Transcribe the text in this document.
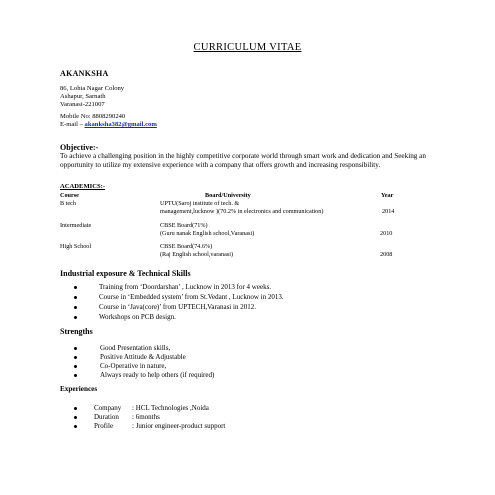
CURRICULUM VITAE
AKANKSHA
86, Lohia Nagar Colony
Ashapur, Sarnath
Varanasi-221007
Mobile No: 8808290240
E-mail – akanksha382@gmail.com
Objective:-
To achieve a challenging position in the highly competitive corporate world through smart work and dedication and Seeking an opportunity to utilize my extensive experience with a company that offers growth and increasing responsibility.
ACADEMICS:-
Course	Board/University	Year
B tech	UPTU(Saroj institute of tech. &
management,lucknow )(70.2% in electronics and communication)	2014
Intermediate	CBSE Board(71%)
(Guru nanak English school,Varanasi)	2010
High School	CBSE Board(74.6%)
(Raj English school,varanasi)	2008
Industrial exposure & Technical Skills
Training from ‘Doordarshan’ , Lucknow in 2013 for 4 weeks.
Course in ‘Embedded system’ from St.Vedant , Lucknow in 2013.
Course in ‘Java(core)’ from UPTECH,Varanasi in 2012.
Workshops on PCB design.
Strengths
Good Presentation skills,
Positive Attitude & Adjustable
Co-Operative in nature,
Always ready to help others (if required)
Experiences
Company : HCL Technologies ,Noida
Duration : 6months
Profile	: Junior engineer-product support
